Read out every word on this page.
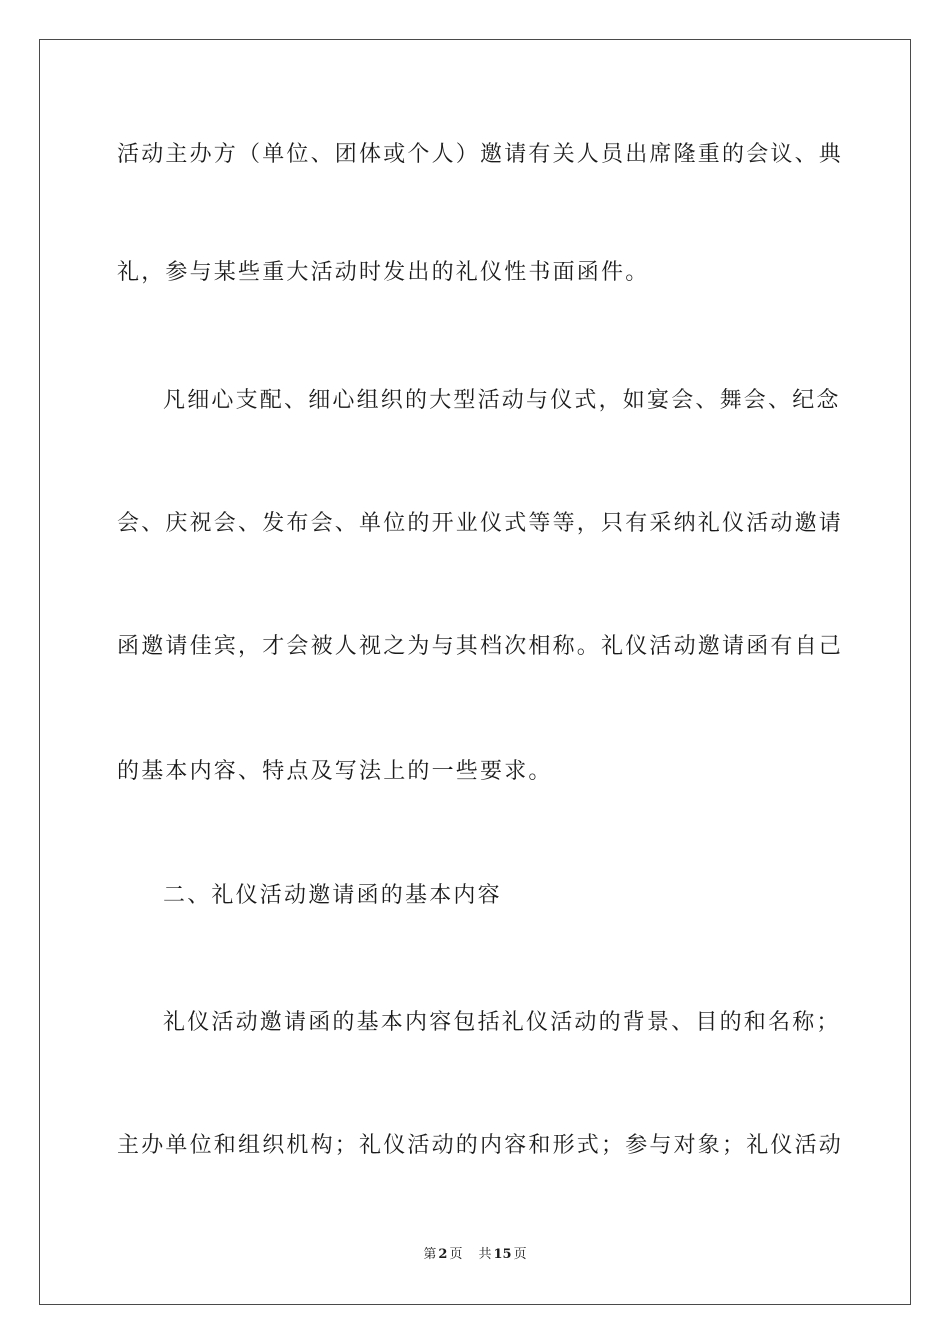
活动主办方（单位、团体或个人）邀请有关人员出席隆重的会议、典
礼，参与某些重大活动时发出的礼仪性书面函件。
凡细心支配、细心组织的大型活动与仪式，如宴会、舞会、纪念
会、庆祝会、发布会、单位的开业仪式等等，只有采纳礼仪活动邀请
函邀请佳宾，才会被人视之为与其档次相称。礼仪活动邀请函有自己
的基本内容、特点及写法上的一些要求。
二、礼仪活动邀请函的基本内容
礼仪活动邀请函的基本内容包括礼仪活动的背景、目的和名称；
主办单位和组织机构；礼仪活动的内容和形式；参与对象；礼仪活动
第 2 页 共 15 页
